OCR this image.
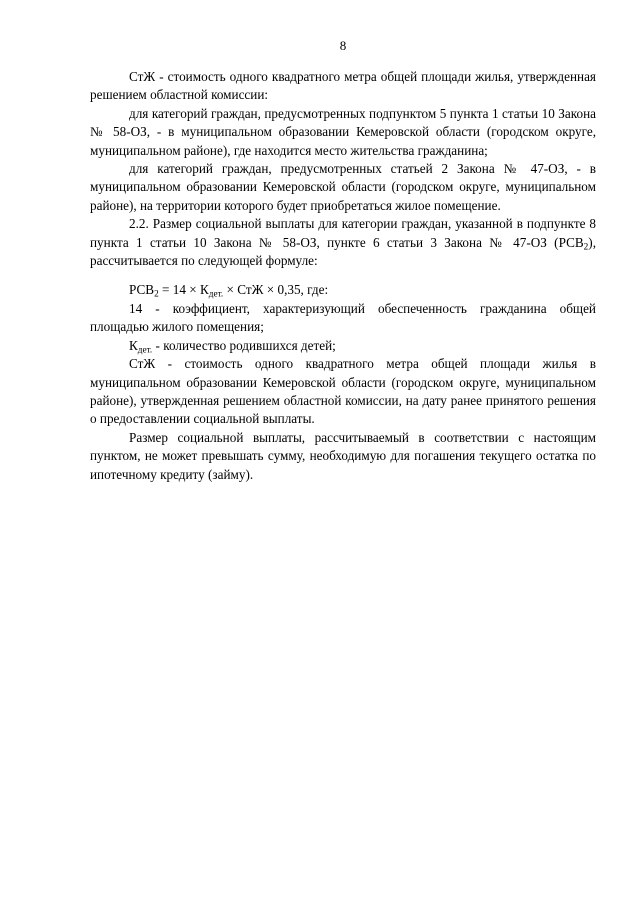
8

СтЖ - стоимость одного квадратного метра общей площади жилья, утвержденная решением областной комиссии:

для категорий граждан, предусмотренных подпунктом 5 пункта 1 статьи 10 Закона № 58-ОЗ, - в муниципальном образовании Кемеровской области (городском округе, муниципальном районе), где находится место жительства гражданина;

для категорий граждан, предусмотренных статьей 2 Закона № 47-ОЗ, - в муниципальном образовании Кемеровской области (городском округе, муниципальном районе), на территории которого будет приобретаться жилое помещение.

2.2. Размер социальной выплаты для категории граждан, указанной в подпункте 8 пункта 1 статьи 10 Закона № 58-ОЗ, пункте 6 статьи 3 Закона № 47-ОЗ $(РСВ_2)$, рассчитывается по следующей формуле:

$РСВ_2 = 14 \times К_{дет.}$ × СтЖ × 0,35, где:

14 - коэффициент, характеризующий обеспеченность гражданина общей площадью жилого помещения;

$К_{дет.}$ - количество родившихся детей;

СтЖ - стоимость одного квадратного метра общей площади жилья в муниципальном образовании Кемеровской области (городском округе, муниципальном районе), утвержденная решением областной комиссии, на дату ранее принятого решения о предоставлении социальной выплаты.

Размер социальной выплаты, рассчитываемый в соответствии с настоящим пунктом, не может превышать сумму, необходимую для погашения текущего остатка по ипотечному кредиту (займу).
